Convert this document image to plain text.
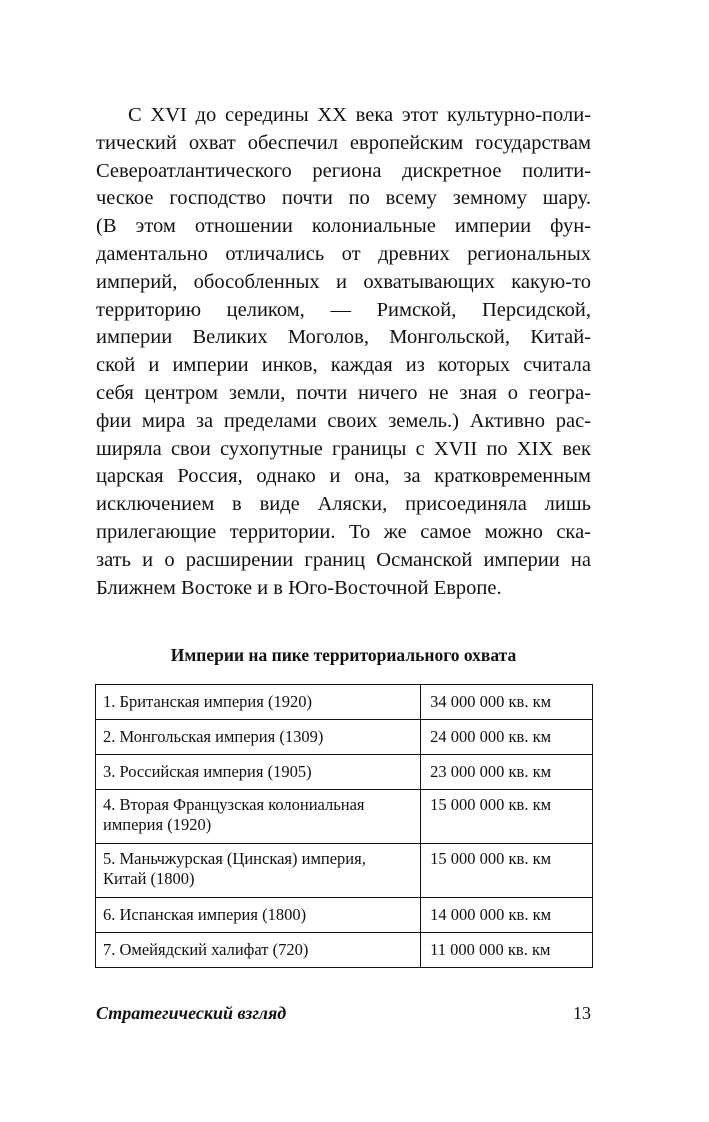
С XVI до середины XX века этот культурно-поли-
тический охват обеспечил европейским государствам
Североатлантического региона дискретное полити-
ческое господство почти по всему земному шару.
(В этом отношении колониальные империи фун-
даментально отличались от древних региональных
империй, обособленных и охватывающих какую-то
территорию целиком, — Римской, Персидской,
империи Великих Моголов, Монгольской, Китай-
ской и империи инков, каждая из которых считала
себя центром земли, почти ничего не зная о геогра-
фии мира за пределами своих земель.) Активно рас-
ширяла свои сухопутные границы с XVII по XIX век
царская Россия, однако и она, за кратковременным
исключением в виде Аляски, присоединяла лишь
прилегающие территории. То же самое можно ска-
зать и о расширении границ Османской империи на
Ближнем Востоке и в Юго-Восточной Европе.
Империи на пике территориального охвата
1. Британская империя (1920)	34 000 000 кв. км
2. Монгольская империя (1309)	24 000 000 кв. км
3. Российская империя (1905)	23 000 000 кв. км
4. Вторая Французская колониальная
империя (1920)	15 000 000 кв. км
5. Маньчжурская (Цинская) империя,
Китай (1800)	15 000 000 кв. км
6. Испанская империя (1800)	14 000 000 кв. км
7. Омейядский халифат (720)	11 000 000 кв. км
Стратегический взгляд	13
